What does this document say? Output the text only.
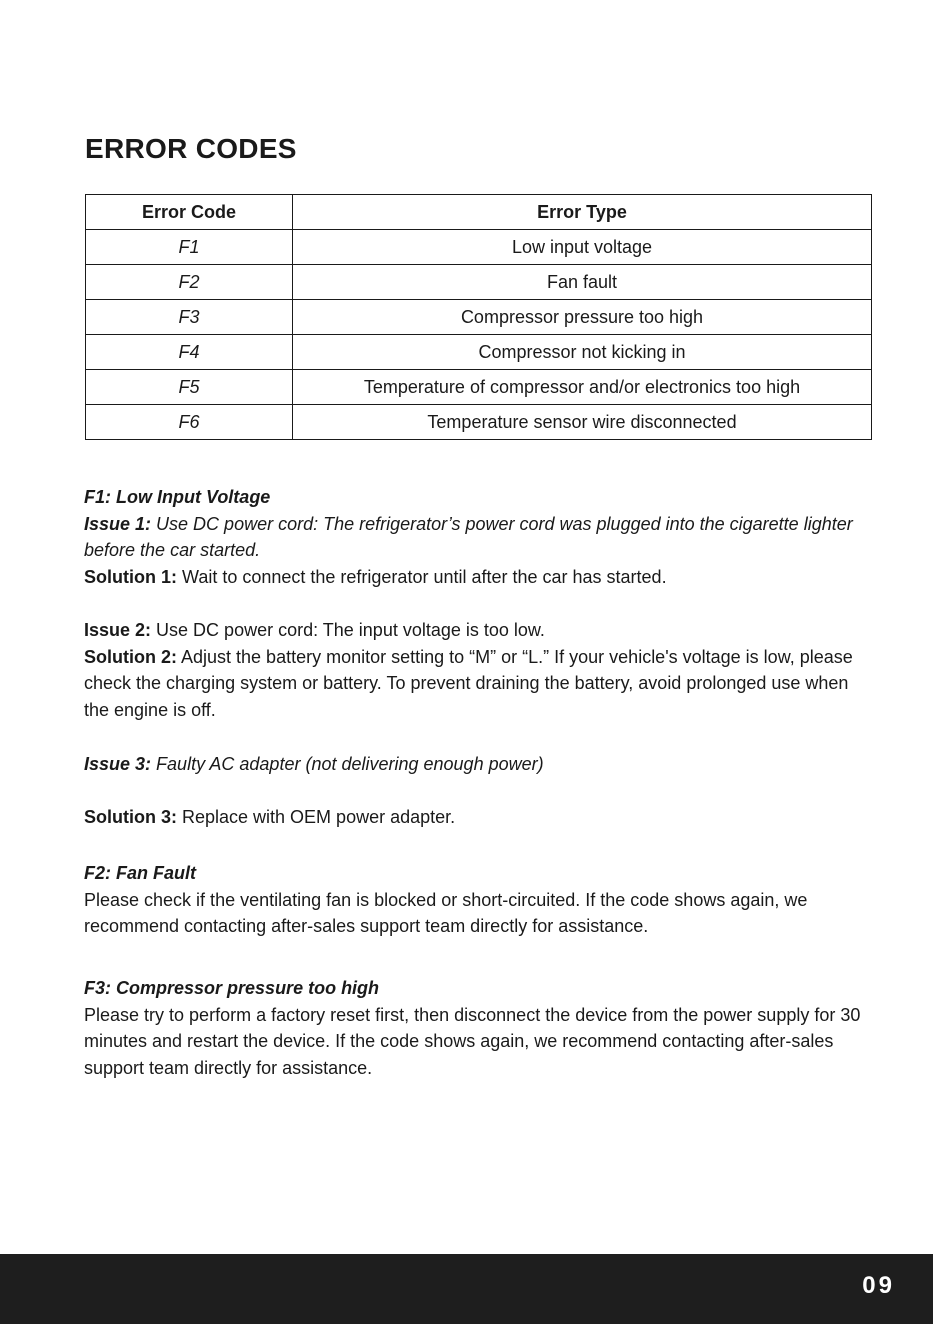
ERROR CODES
Error Code	Error Type
F1	Low input voltage
F2	Fan fault
F3	Compressor pressure too high
F4	Compressor not kicking in
F5	Temperature of compressor and/or electronics too high
F6	Temperature sensor wire disconnected

F1: Low Input Voltage

Issue 1: Use DC power cord: The refrigerator’s power cord was plugged into the cigarette lighter before the car started.

Solution 1: Wait to connect the refrigerator until after the car has started.

Issue 2: Use DC power cord: The input voltage is too low.

Solution 2: Adjust the battery monitor setting to “M” or “L.” If your vehicle's voltage is low, please check the charging system or battery. To prevent draining the battery, avoid prolonged use when the engine is off.

Issue 3: Faulty AC adapter (not delivering enough power)

Solution 3: Replace with OEM power adapter.

F2: Fan Fault

Please check if the ventilating fan is blocked or short-circuited. If the code shows again, we recommend contacting after-sales support team directly for assistance.

F3: Compressor pressure too high

Please try to perform a factory reset first, then disconnect the device from the power supply for 30 minutes and restart the device. If the code shows again, we recommend contacting after-sales support team directly for assistance.

09
